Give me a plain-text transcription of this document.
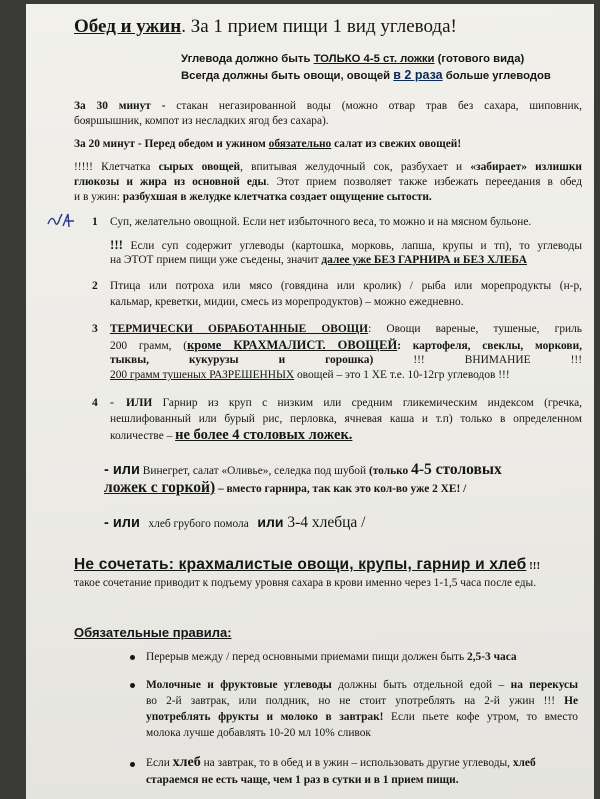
Обед и ужин. За 1 прием пищи 1 вид углевода!
Углевода должно быть ТОЛЬКО 4-5 ст. ложки (готового вида)
Всегда должны быть овощи, овощей в 2 раза больше углеводов
За 30 минут - стакан негазированной воды (можно отвар трав без сахара, шиповник,
бояршышник, компот из несладких ягод без сахара).
За 20 минут - Перед обедом и ужином обязательно салат из свежих овощей!
!!!!! Клетчатка сырых овощей, впитывая желудочный сок, разбухает и «забирает» излишки
глюкозы и жира из основной еды. Этот прием позволяет также избежать переедания в обед
и в ужин: разбухшая в желудке клетчатка создает ощущение сытости.
1 Суп, желательно овощной. Если нет избыточного веса, то можно и на мясном бульоне.
!!! Если суп содержит углеводы (картошка, морковь, лапша, крупы и тп), то углеводы
на ЭТОТ прием пищи уже съедены, значит далее уже БЕЗ ГАРНИРА и БЕЗ ХЛЕБА
2 Птица или потроха или мясо (говядина или кролик) / рыба или морепродукты (н-р,
кальмар, креветки, мидии, смесь из морепродуктов) – можно ежедневно.
3 ТЕРМИЧЕСКИ ОБРАБОТАННЫЕ ОВОЩИ: Овощи вареные, тушеные, гриль
200 грамм, (кроме КРАХМАЛИСТ. ОВОЩЕЙ: картофеля, свеклы, моркови,
тыквы,	кукурузы	и	горошка)	!!!	ВНИМАНИЕ	!!!
200 грамм тушеных РАЗРЕШЕННЫХ овощей – это 1 ХЕ т.е. 10-12гр углеводов !!!
4 - ИЛИ Гарнир из круп с низким или средним гликемическим индексом (гречка,
нешлифованный или бурый рис, перловка, ячневая каша и т.п) только в определенном
количестве – не более 4 столовых ложек.
- или Винегрет, салат «Оливье», селедка под шубой (только 4-5 столовых
ложек с горкой) – вместо гарнира, так как это кол-во уже 2 ХЕ! /
- или хлеб грубого помола или 3-4 хлебца /
Не сочетать: крахмалистые овощи, крупы, гарнир и хлеб !!!
такое сочетание приводит к подъему уровня сахара в крови именно через 1-1,5 часа после еды.
Обязательные правила:
Перерыв между / перед основными приемами пищи должен быть 2,5-3 часа
Молочные и фруктовые углеводы должны быть отдельной едой – на перекусы
во 2-й завтрак, или полдник, но не стоит употреблять на 2-й ужин !!! Не
употреблять фрукты и молоко в завтрак! Если пьете кофе утром, то вместо
молока лучше добавлять 10-20 мл 10% сливок
Если хлеб на завтрак, то в обед и в ужин – использовать другие углеводы, хлеб
стараемся не есть чаще, чем 1 раз в сутки и в 1 прием пищи.
